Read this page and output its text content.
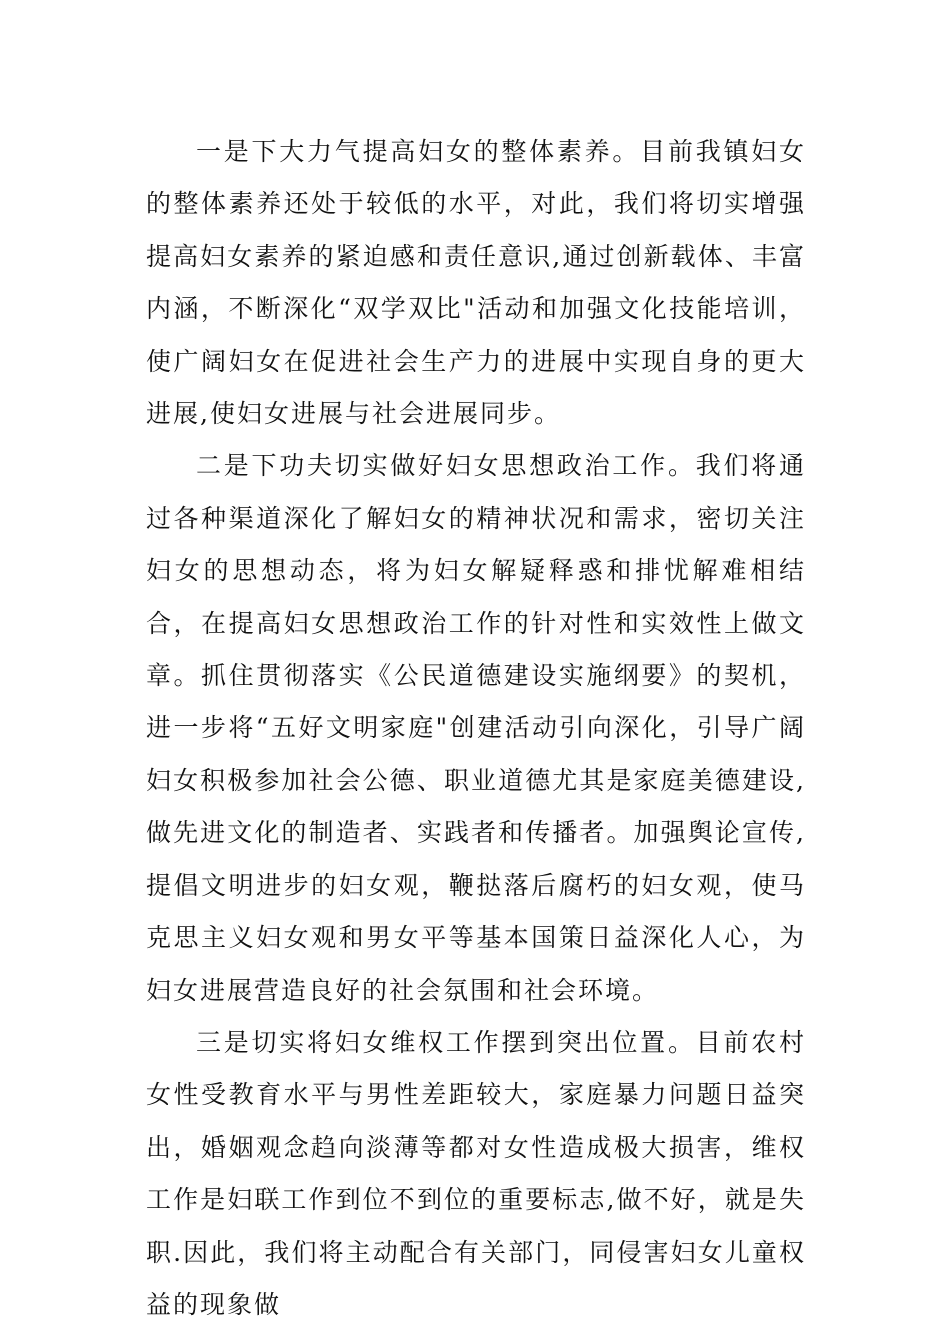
一是下大力气提高妇女的整体素养。目前我镇妇女的整体素养还处于较低的水平，对此，我们将切实增强提高妇女素养的紧迫感和责任意识,通过创新载体、丰富内涵，不断深化“双学双比"活动和加强文化技能培训，使广阔妇女在促进社会生产力的进展中实现自身的更大进展,使妇女进展与社会进展同步。

二是下功夫切实做好妇女思想政治工作。我们将通过各种渠道深化了解妇女的精神状况和需求，密切关注妇女的思想动态，将为妇女解疑释惑和排忧解难相结合，在提高妇女思想政治工作的针对性和实效性上做文章。抓住贯彻落实《公民道德建设实施纲要》的契机，进一步将“五好文明家庭"创建活动引向深化，引导广阔妇女积极参加社会公德、职业道德尤其是家庭美德建设,做先进文化的制造者、实践者和传播者。加强舆论宣传,提倡文明进步的妇女观，鞭挞落后腐朽的妇女观，使马克思主义妇女观和男女平等基本国策日益深化人心，为妇女进展营造良好的社会氛围和社会环境。

三是切实将妇女维权工作摆到突出位置。目前农村女性受教育水平与男性差距较大，家庭暴力问题日益突出，婚姻观念趋向淡薄等都对女性造成极大损害，维权工作是妇联工作到位不到位的重要标志,做不好，就是失职.因此，我们将主动配合有关部门，同侵害妇女儿童权益的现象做
